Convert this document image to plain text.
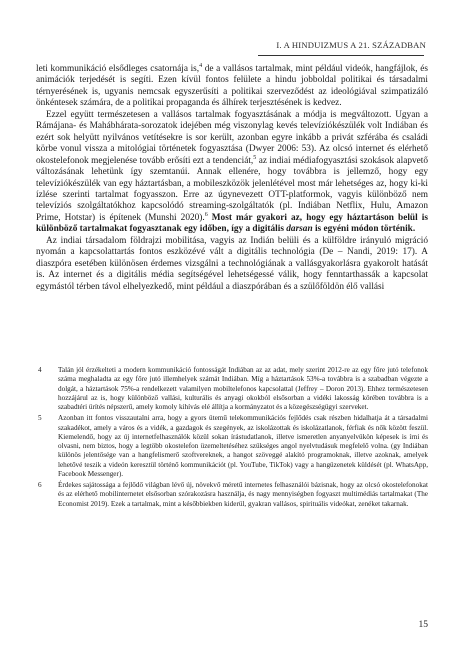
I. A HINDUIZMUS A 21. SZÁZADBAN

leti kommunikáció elsődleges csatornája is,$^4$ de a vallásos tartalmak, mint például videók, hangfájlok, és animációk terjedését is segíti. Ezen kívül fontos felülete a hindu jobboldal politikai és társadalmi térnyerésének is, ugyanis nemcsak egyszerűsíti a politikai szerveződést az ideológiával szimpatizáló önkéntesek számára, de a politikai propaganda és álhírek terjesztésének is kedvez.

Ezzel együtt természetesen a vallásos tartalmak fogyasztásának a módja is megváltozott. Ugyan a Rámájana- és Mahábhárata-sorozatok idejében még viszonylag kevés televíziókészülék volt Indiában és ezért sok helyütt nyilvános vetítésekre is sor került, azonban egyre inkább a privát szférába és családi körbe vonul vissza a mitológiai történetek fogyasztása (Dwyer 2006: 53). Az olcsó internet és elérhető okostelefonok megjelenése tovább erősíti ezt a tendenciát,$^5$ az indiai médiafogyasztási szokások alapvető változásának lehetünk így szemtanúi. Annak ellenére, hogy továbbra is jellemző, hogy egy televíziókészülék van egy háztartásban, a mobileszközök jelenlétével most már lehetséges az, hogy ki-ki ízlése szerinti tartalmat fogyasszon. Erre az úgynevezett OTT-platformok, vagyis különböző nem televíziós szolgáltatókhoz kapcsolódó streaming-szolgáltatók (pl. Indiában Netflix, Hulu, Amazon Prime, Hotstar) is építenek (Munshi 2020).$^6$ Most már gyakori az, hogy egy háztartáson belül is különböző tartalmakat fogyasztanak egy időben, így a digitális darsan is egyéni módon történik.

Az indiai társadalom földrajzi mobilitása, vagyis az Indián belüli és a külföldre irányuló migráció nyomán a kapcsolattartás fontos eszközévé vált a digitális technológia (De – Nandi, 2019: 17). A diaszpóra esetében különösen érdemes vizsgálni a technológiának a vallásgyakorlásra gyakorolt hatását is. Az internet és a digitális média segítségével lehetségessé válik, hogy fenntarthassák a kapcsolat egymástól térben távol elhelyezkedő, mint például a diaszpórában és a szülőföldön élő vallási

4	Talán jól érzékelteti a modern kommunikáció fontosságát Indiában az az adat, mely szerint 2012-re az egy főre jutó telefonok száma meghaladta az egy főre jutó illemhelyek számát Indiában. Míg a háztartások 53%-a továbbra is a szabadban végezte a dolgát, a háztartások 75%-a rendelkezett valamilyen mobiltelefonos kapcsolattal (Jeffrey – Doron 2013). Ehhez természetesen hozzájárul az is, hogy különböző vallási, kulturális és anyagi okokból elsősorban a vidéki lakosság körében továbbra is a szabadtéri ürítés népszerű, amely komoly kihívás elé állítja a kormányzatot és a közegészségügyi szerveket.
5	Azonban itt fontos visszautalni arra, hogy a gyors ütemű telekommunikációs fejlődés csak részben hidalhatja át a társadalmi szakadékot, amely a város és a vidék, a gazdagok és szegények, az iskolázottak és iskolázatlanok, férfiak és nők között feszül. Kiemelendő, hogy az új internetfelhasználók közül sokan írástudatlanok, illetve ismeretlen anyanyelvükön képesek is írni és olvasni, nem biztos, hogy a legtöbb okostelefon üzemeltetéséhez szükséges angol nyelvtudásuk megfelelő volna. (gy Indiában különös jelentősége van a hangfelismerő szoftvereknek, a hangot szöveggé alakító programoknak, illetve azoknak, amelyek lehetővé teszik a videón keresztül történő kommunikációt (pl. YouTube, TikTok) vagy a hangüzenetek küldését (pl. WhatsApp, Facebook Messenger).
6	Érdekes sajátossága a fejlődő világban lévő új, növekvő méretű internetes felhasználói bázisnak, hogy az olcsó okostelefonokat és az elérhető mobilinternetet elsősorban szórakozásra használja, és nagy mennyiségben fogyaszt multimédiás tartalmakat (The Economist 2019). Ezek a tartalmak, mint a későbbiekben kiderül, gyakran vallásos, spirituális videókat, zenéket takarnak.
15
